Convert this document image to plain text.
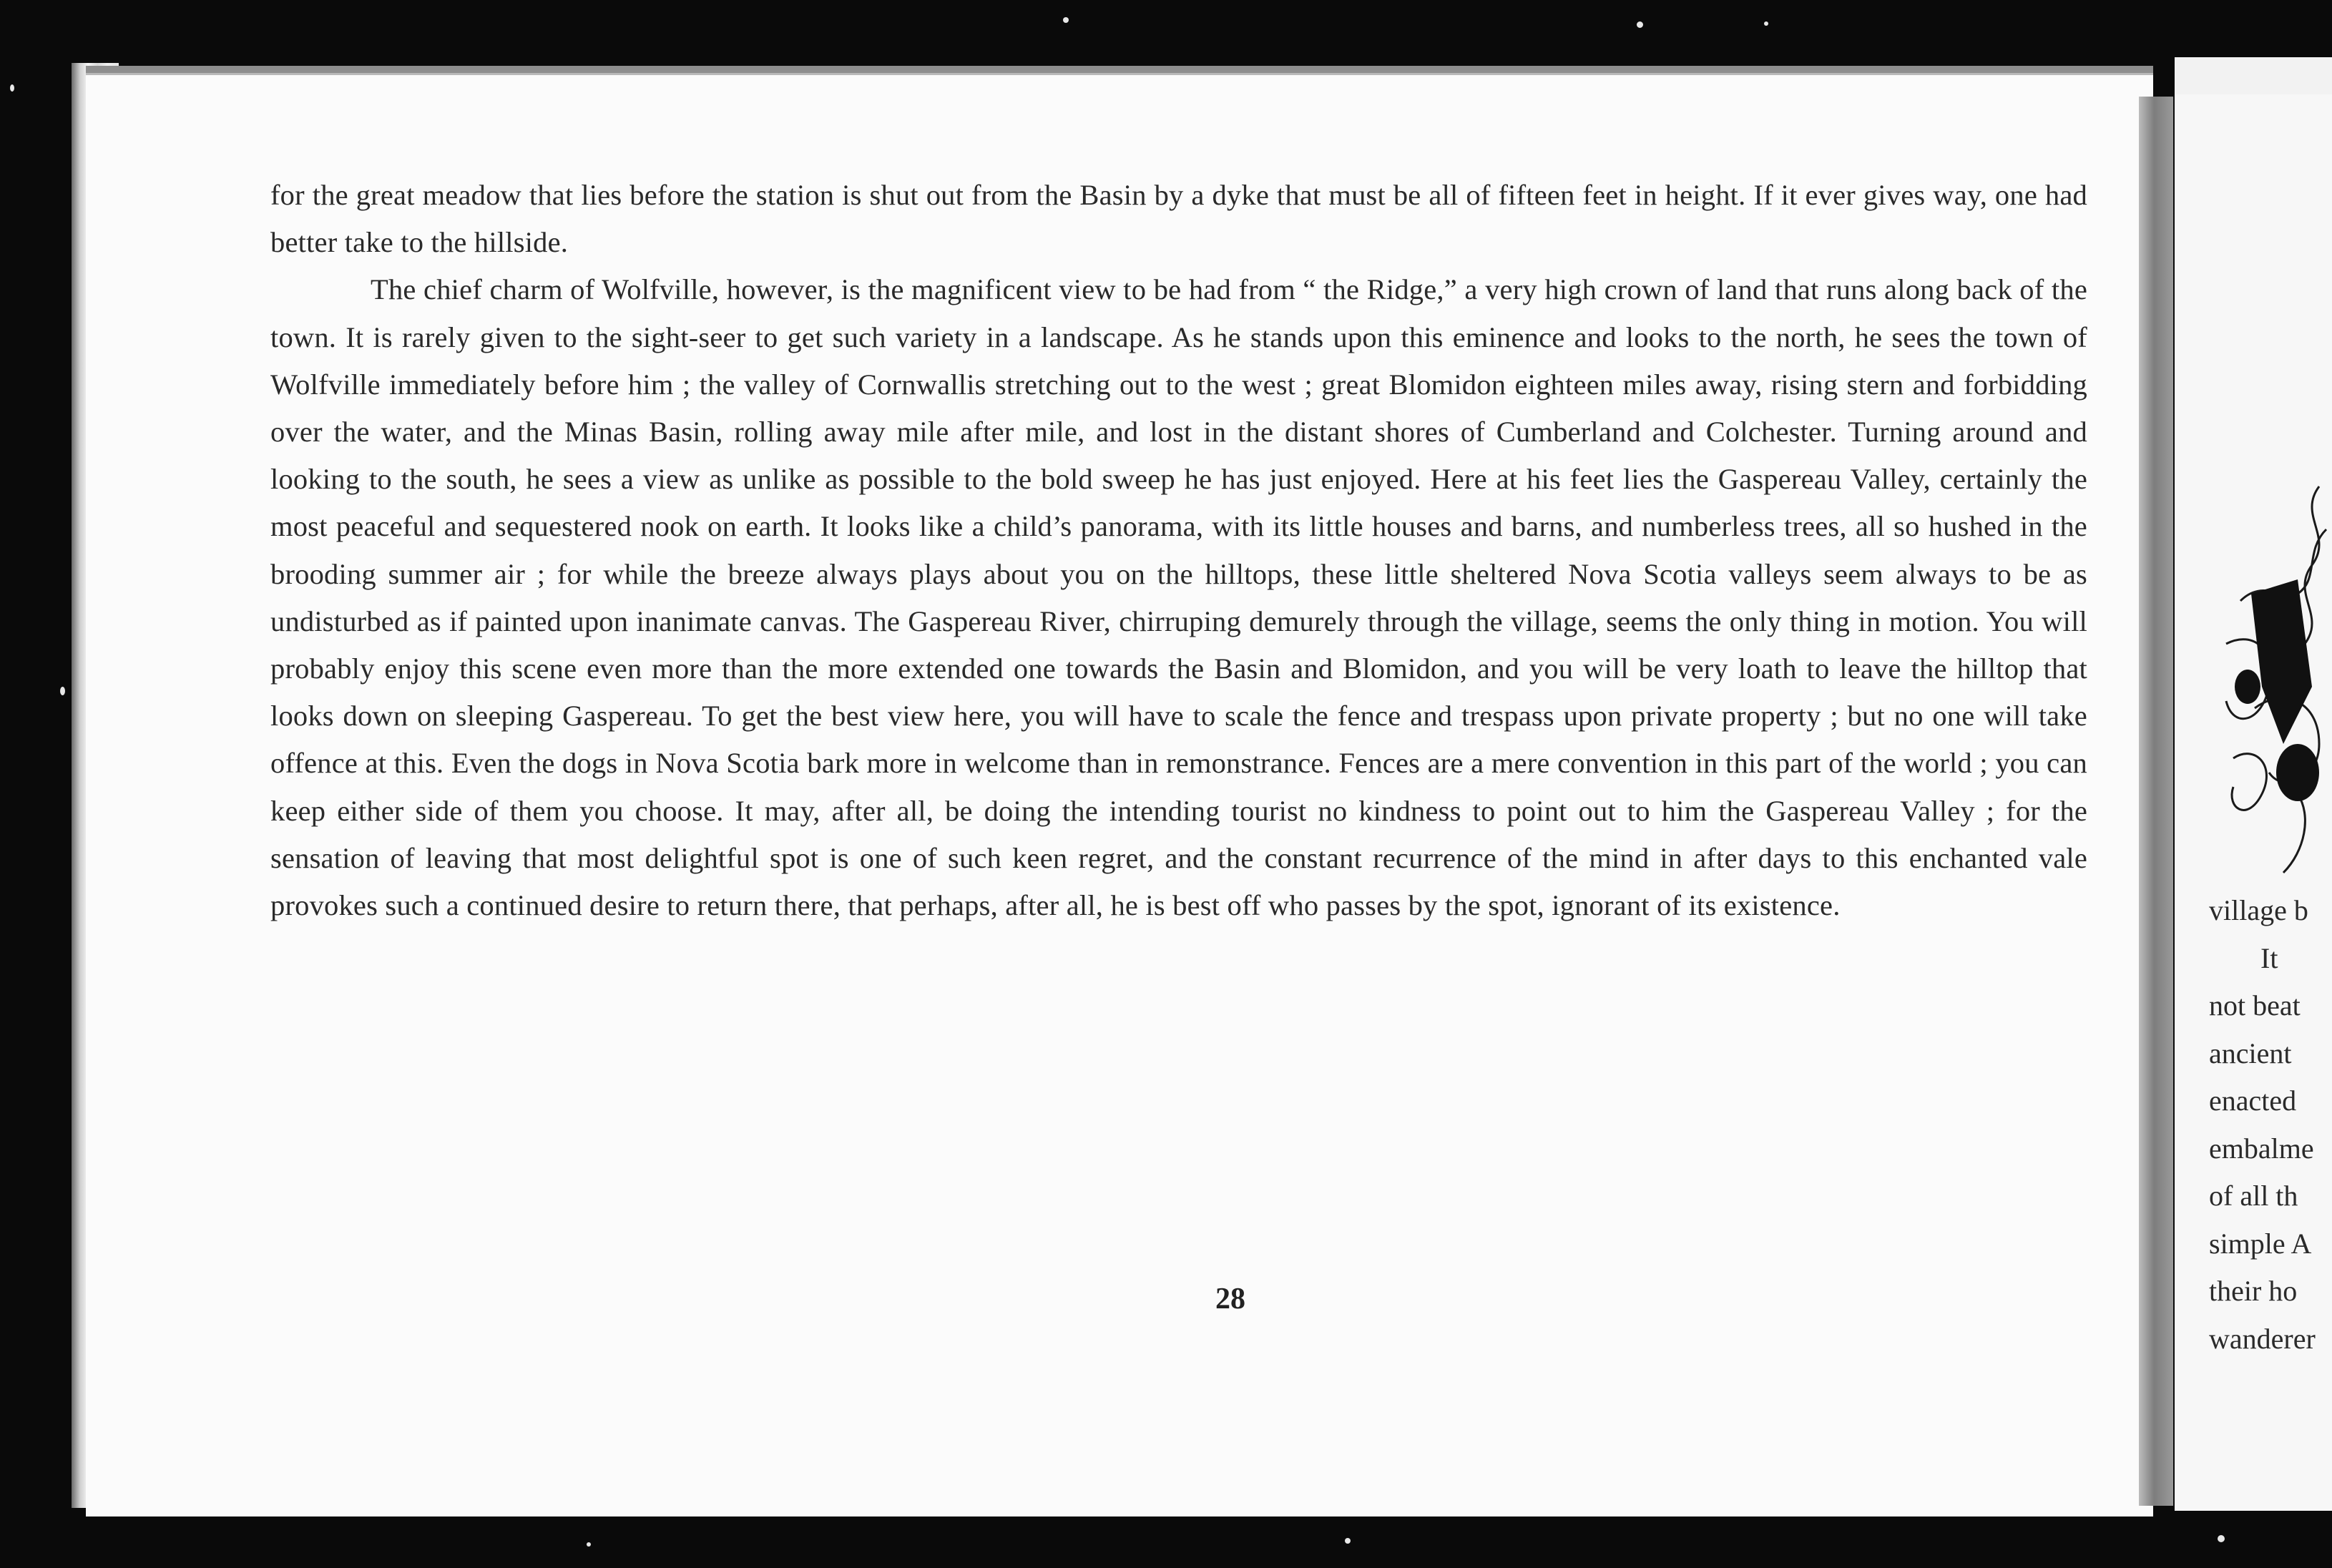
for the great meadow that lies before the station is shut out from the Basin by a dyke that must be all of fifteen feet in height. If it ever gives way, one had better take to the hillside.

The chief charm of Wolfville, however, is the magnificent view to be had from “ the Ridge,” a very high crown of land that runs along back of the town. It is rarely given to the sight-seer to get such variety in a landscape. As he stands upon this eminence and looks to the north, he sees the town of Wolfville immediately before him ; the valley of Cornwallis stretching out to the west ; great Blomidon eighteen miles away, rising stern and forbidding over the water, and the Minas Basin, rolling away mile after mile, and lost in the distant shores of Cumberland and Colchester. Turning around and looking to the south, he sees a view as unlike as possible to the bold sweep he has just enjoyed. Here at his feet lies the Gaspereau Valley, certainly the most peaceful and sequestered nook on earth. It looks like a child’s panorama, with its little houses and barns, and numberless trees, all so hushed in the brooding summer air ; for while the breeze always plays about you on the hilltops, these little sheltered Nova Scotia valleys seem always to be as undisturbed as if painted upon inanimate canvas. The Gaspereau River, chirruping demurely through the village, seems the only thing in motion. You will probably enjoy this scene even more than the more extended one towards the Basin and Blomidon, and you will be very loath to leave the hilltop that looks down on sleeping Gaspereau. To get the best view here, you will have to scale the fence and trespass upon private property ; but no one will take offence at this. Even the dogs in Nova Scotia bark more in welcome than in remonstrance. Fences are a mere convention in this part of the world ; you can keep either side of them you choose. It may, after all, be doing the intending tourist no kindness to point out to him the Gaspereau Valley ; for the sensation of leaving that most delightful spot is one of such keen regret, and the constant recurrence of the mind in after days to this enchanted vale provokes such a continued desire to return there, that perhaps, after all, he is best off who passes by the spot, ignorant of its existence.

28
village b
It
not beat
ancient
enacted
embalme
of all th
simple A
their ho
wanderer
